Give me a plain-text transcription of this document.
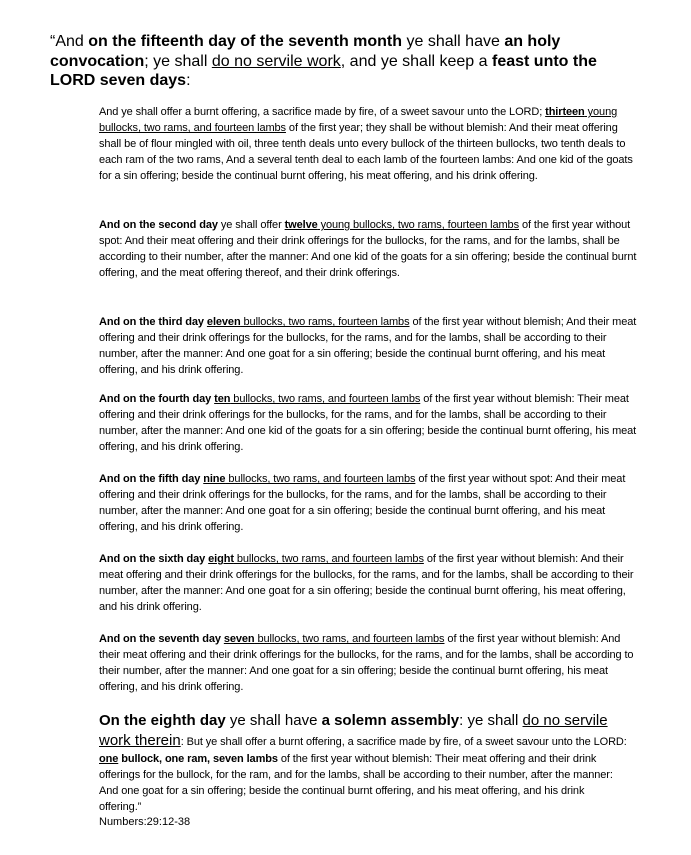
“And on the fifteenth day of the seventh month ye shall have an holy convocation; ye shall do no servile work, and ye shall keep a feast unto the LORD seven days:

And ye shall offer a burnt offering, a sacrifice made by fire, of a sweet savour unto the LORD; thirteen young bullocks, two rams, and fourteen lambs of the first year; they shall be without blemish: And their meat offering shall be of flour mingled with oil, three tenth deals unto every bullock of the thirteen bullocks, two tenth deals to each ram of the two rams, And a several tenth deal to each lamb of the fourteen lambs: And one kid of the goats for a sin offering; beside the continual burnt offering, his meat offering, and his drink offering.

And on the second day ye shall offer twelve young bullocks, two rams, fourteen lambs of the first year without spot: And their meat offering and their drink offerings for the bullocks, for the rams, and for the lambs, shall be according to their number, after the manner: And one kid of the goats for a sin offering; beside the continual burnt offering, and the meat offering thereof, and their drink offerings.

And on the third day eleven bullocks, two rams, fourteen lambs of the first year without blemish; And their meat offering and their drink offerings for the bullocks, for the rams, and for the lambs, shall be according to their number, after the manner: And one goat for a sin offering; beside the continual burnt offering, and his meat offering, and his drink offering.

And on the fourth day ten bullocks, two rams, and fourteen lambs of the first year without blemish: Their meat offering and their drink offerings for the bullocks, for the rams, and for the lambs, shall be according to their number, after the manner: And one kid of the goats for a sin offering; beside the continual burnt offering, his meat offering, and his drink offering.

And on the fifth day nine bullocks, two rams, and fourteen lambs of the first year without spot: And their meat offering and their drink offerings for the bullocks, for the rams, and for the lambs, shall be according to their number, after the manner: And one goat for a sin offering; beside the continual burnt offering, and his meat offering, and his drink offering.

And on the sixth day eight bullocks, two rams, and fourteen lambs of the first year without blemish: And their meat offering and their drink offerings for the bullocks, for the rams, and for the lambs, shall be according to their number, after the manner: And one goat for a sin offering; beside the continual burnt offering, his meat offering, and his drink offering.

And on the seventh day seven bullocks, two rams, and fourteen lambs of the first year without blemish: And their meat offering and their drink offerings for the bullocks, for the rams, and for the lambs, shall be according to their number, after the manner: And one goat for a sin offering; beside the continual burnt offering, his meat offering, and his drink offering.

On the eighth day ye shall have a solemn assembly: ye shall do no servile work therein: But ye shall offer a burnt offering, a sacrifice made by fire, of a sweet savour unto the LORD: one bullock, one ram, seven lambs of the first year without blemish: Their meat offering and their drink offerings for the bullock, for the ram, and for the lambs, shall be according to their number, after the manner: And one goat for a sin offering; beside the continual burnt offering, and his meat offering, and his drink offering.”

Numbers:29:12-38
